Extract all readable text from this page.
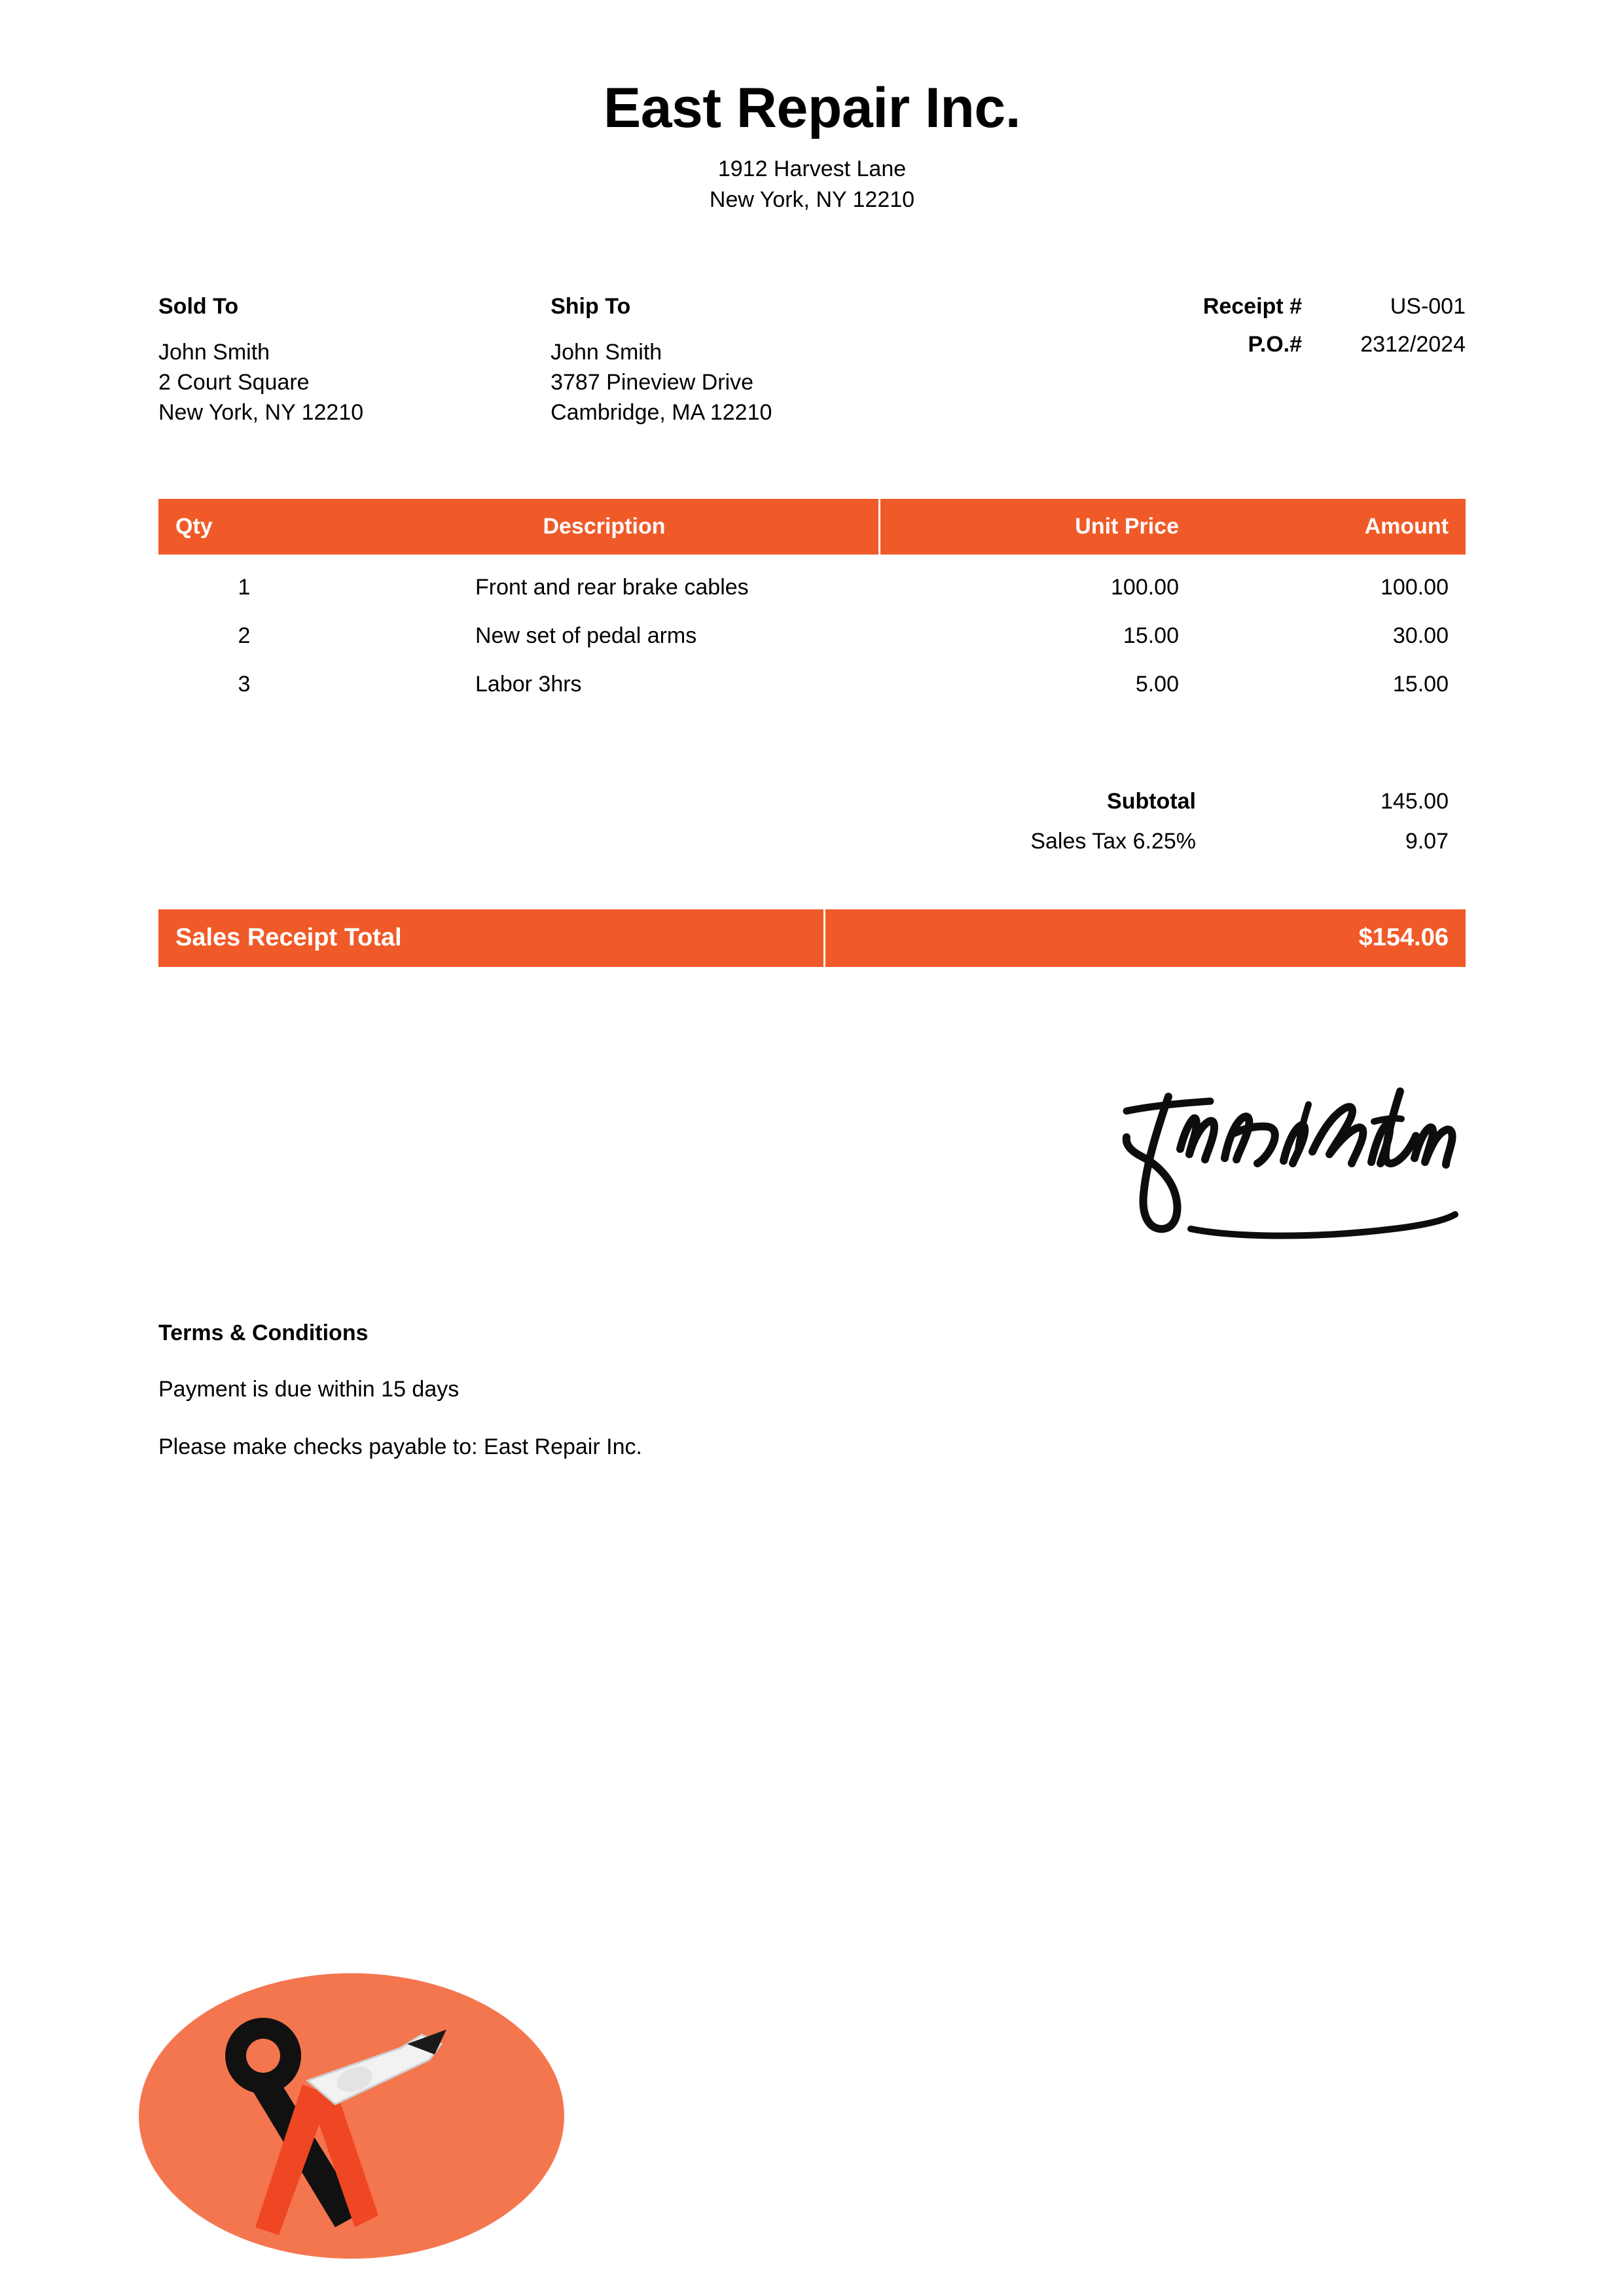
East Repair Inc.
1912 Harvest Lane
New York, NY 12210
Sold To
John Smith
2 Court Square
New York, NY 12210
Ship To
John Smith
3787 Pineview Drive
Cambridge, MA 12210
Receipt #	US-001
P.O.#	2312/2024
Qty	Description	Unit Price	Amount
1	Front and rear brake cables	100.00	100.00
2	New set of pedal arms	15.00	30.00
3	Labor 3hrs	5.00	15.00
Subtotal	145.00
Sales Tax 6.25%	9.07
Sales Receipt Total	$154.06
Terms & Conditions
Payment is due within 15 days
Please make checks payable to: East Repair Inc.
